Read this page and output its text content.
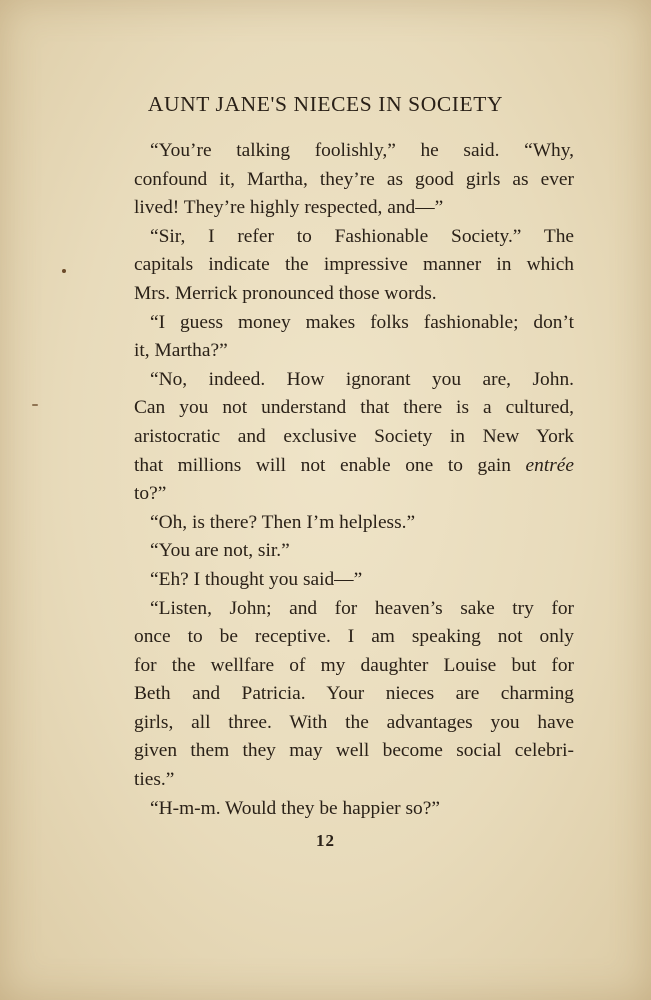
AUNT JANE'S NIECES IN SOCIETY
“You’re talking foolishly,” he said. “Why,
confound it, Martha, they’re as good girls as ever
lived! They’re highly respected, and—”
“Sir, I refer to Fashionable Society.” The
capitals indicate the impressive manner in which
Mrs. Merrick pronounced those words.
“I guess money makes folks fashionable; don’t
it, Martha?”
“No, indeed. How ignorant you are, John.
Can you not understand that there is a cultured,
aristocratic and exclusive Society in New York
that millions will not enable one to gain entrée
to?”
“Oh, is there? Then I’m helpless.”
“You are not, sir.”
“Eh? I thought you said—”
“Listen, John; and for heaven’s sake try for
once to be receptive. I am speaking not only
for the wellfare of my daughter Louise but for
Beth and Patricia. Your nieces are charming
girls, all three. With the advantages you have
given them they may well become social celebri-
ties.”
“H-m-m. Would they be happier so?”
12
